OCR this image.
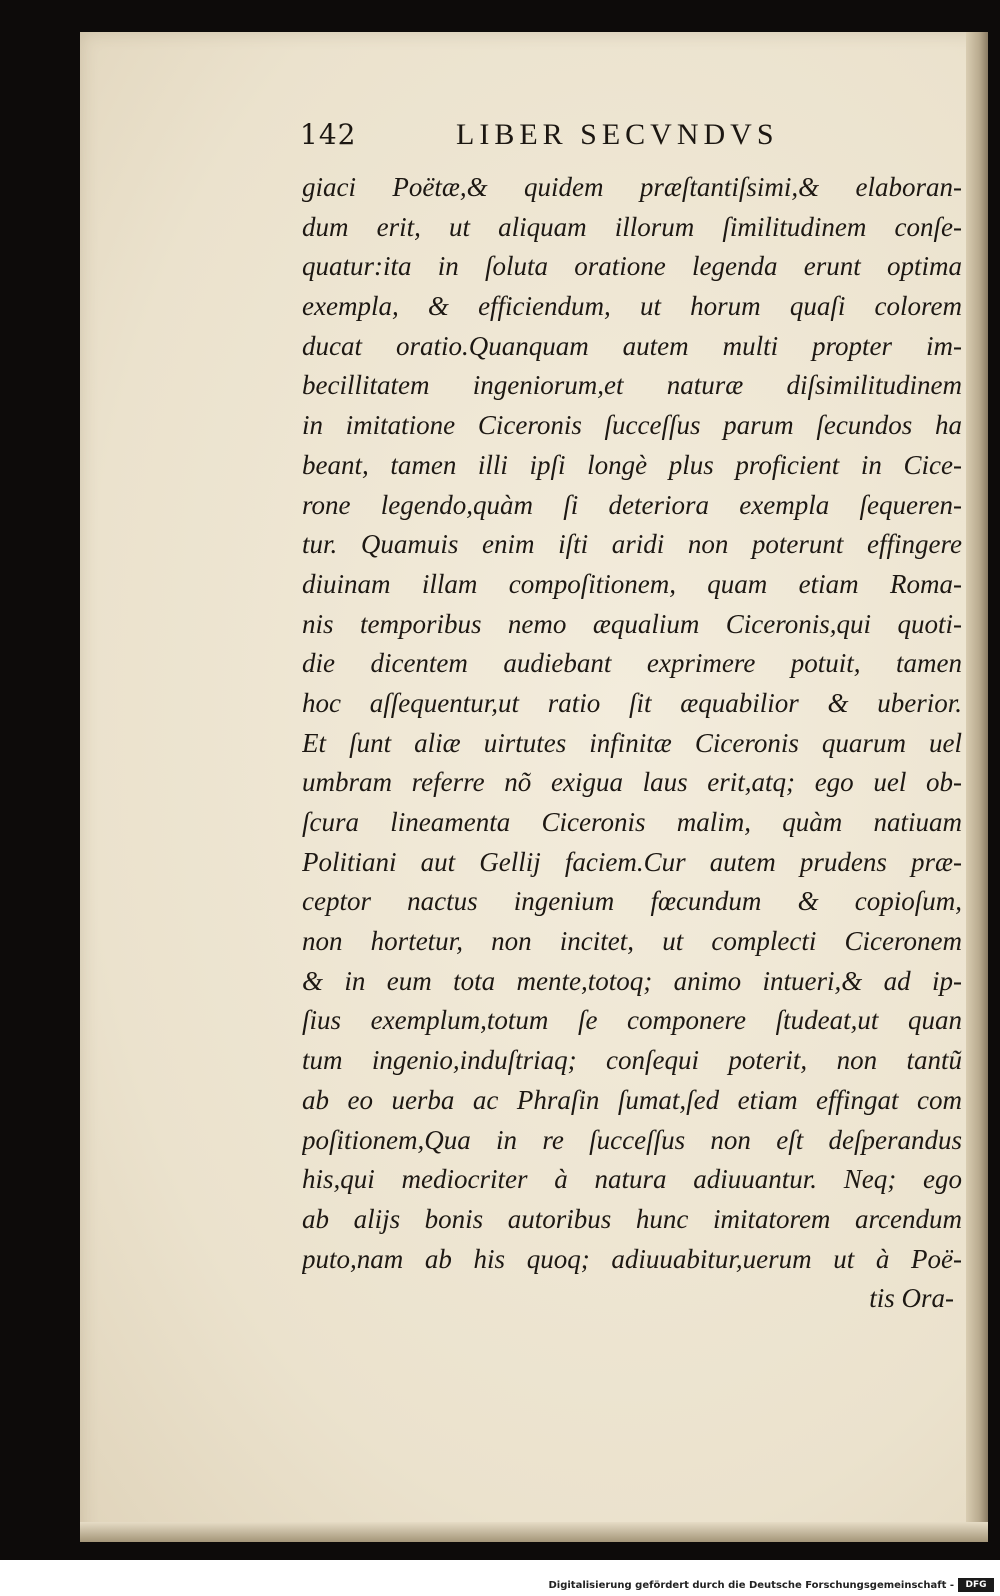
142	LIBER SECVNDVS
giaci Poëtæ,& quidem præſtantiſsimi,& elaboran-
dum erit, ut aliquam illorum ſimilitudinem conſe-
quatur:ita in ſoluta oratione legenda erunt optima
exempla, & efficiendum, ut horum quaſi colorem
ducat oratio.Quanquam autem multi propter im-
becillitatem ingeniorum,et naturæ diſsimilitudinem
in imitatione Ciceronis ſucceſſus parum ſecundos ha
beant, tamen illi ipſi longè plus proficient in Cice-
rone legendo,quàm ſi deteriora exempla ſequeren-
tur. Quamuis enim iſti aridi non poterunt effingere
diuinam illam compoſitionem, quam etiam Roma-
nis temporibus nemo æqualium Ciceronis,qui quoti-
die dicentem audiebant exprimere potuit, tamen
hoc aſſequentur,ut ratio ſit æquabilior & uberior.
Et ſunt aliæ uirtutes infinitæ Ciceronis quarum uel
umbram referre nõ exigua laus erit,atq; ego uel ob-
ſcura lineamenta Ciceronis malim, quàm natiuam
Politiani aut Gellij faciem.Cur autem prudens præ-
ceptor nactus ingenium fœcundum & copioſum,
non hortetur, non incitet, ut complecti Ciceronem
& in eum tota mente,totoq; animo intueri,& ad ip-
ſius exemplum,totum ſe componere ſtudeat,ut quan
tum ingenio,induſtriaq; conſequi poterit, non tantũ
ab eo uerba ac Phraſin ſumat,ſed etiam effingat com
poſitionem,Qua in re ſucceſſus non eſt deſperandus
his,qui mediocriter à natura adiuuantur. Neq; ego
ab alijs bonis autoribus hunc imitatorem arcendum
puto,nam ab his quoq; adiuuabitur,uerum ut à Poë-
tis Ora-
Digitalisierung gefördert durch die Deutsche Forschungsgemeinschaft -	DFG
